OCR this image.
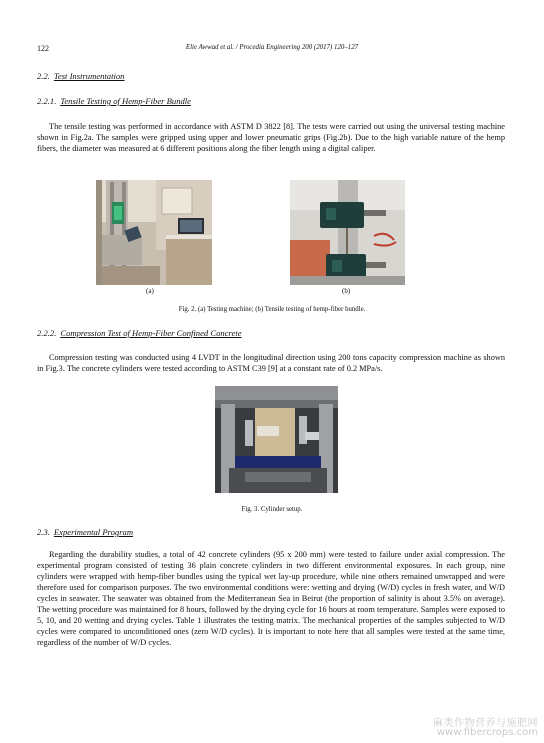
122	Elie Awwad et al. / Procedia Engineering 200 (2017) 120–127
2.2. Test Instrumentation
2.2.1. Tensile Testing of Hemp-Fiber Bundle

The tensile testing was performed in accordance with ASTM D 3822 [8]. The tests were carried out using the universal testing machine shown in Fig.2a. The samples were gripped using upper and lower pneumatic grips (Fig.2b). Due to the high variable nature of the hemp fibers, the diameter was measured at 6 different positions along the fiber length using a digital caliper.

(a)	(b)
Fig. 2. (a) Testing machine; (b) Tensile testing of hemp-fiber bundle.
2.2.2. Compression Test of Hemp-Fiber Confined Concrete

Compression testing was conducted using 4 LVDT in the longitudinal direction using 200 tons capacity compression machine as shown in Fig.3. The concrete cylinders were tested according to ASTM C39 [9] at a constant rate of 0.2 MPa/s.

Fig. 3. Cylinder setup.
2.3. Experimental Program

Regarding the durability studies, a total of 42 concrete cylinders (95 x 200 mm) were tested to failure under axial compression. The experimental program consisted of testing 36 plain concrete cylinders in two different environmental exposures. In each group, nine cylinders were wrapped with hemp-fiber bundles using the typical wet lay-up procedure, while nine others remained unwrapped and were therefore used for comparison purposes. The two environmental conditions were: wetting and drying (W/D) cycles in fresh water, and W/D cycles in seawater. The seawater was obtained from the Mediterranean Sea in Beirut (the proportion of salinity is about 3.5% on average). The wetting procedure was maintained for 8 hours, followed by the drying cycle for 16 hours at room temperature. Samples were exposed to 5, 10, and 20 wetting and drying cycles. Table 1 illustrates the testing matrix. The mechanical properties of the samples subjected to W/D cycles were compared to unconditioned ones (zero W/D cycles). It is important to note here that all samples were tested at the same time, regardless of the number of W/D cycles.

麻类作物营养与施肥网
www.fibercrops.com
